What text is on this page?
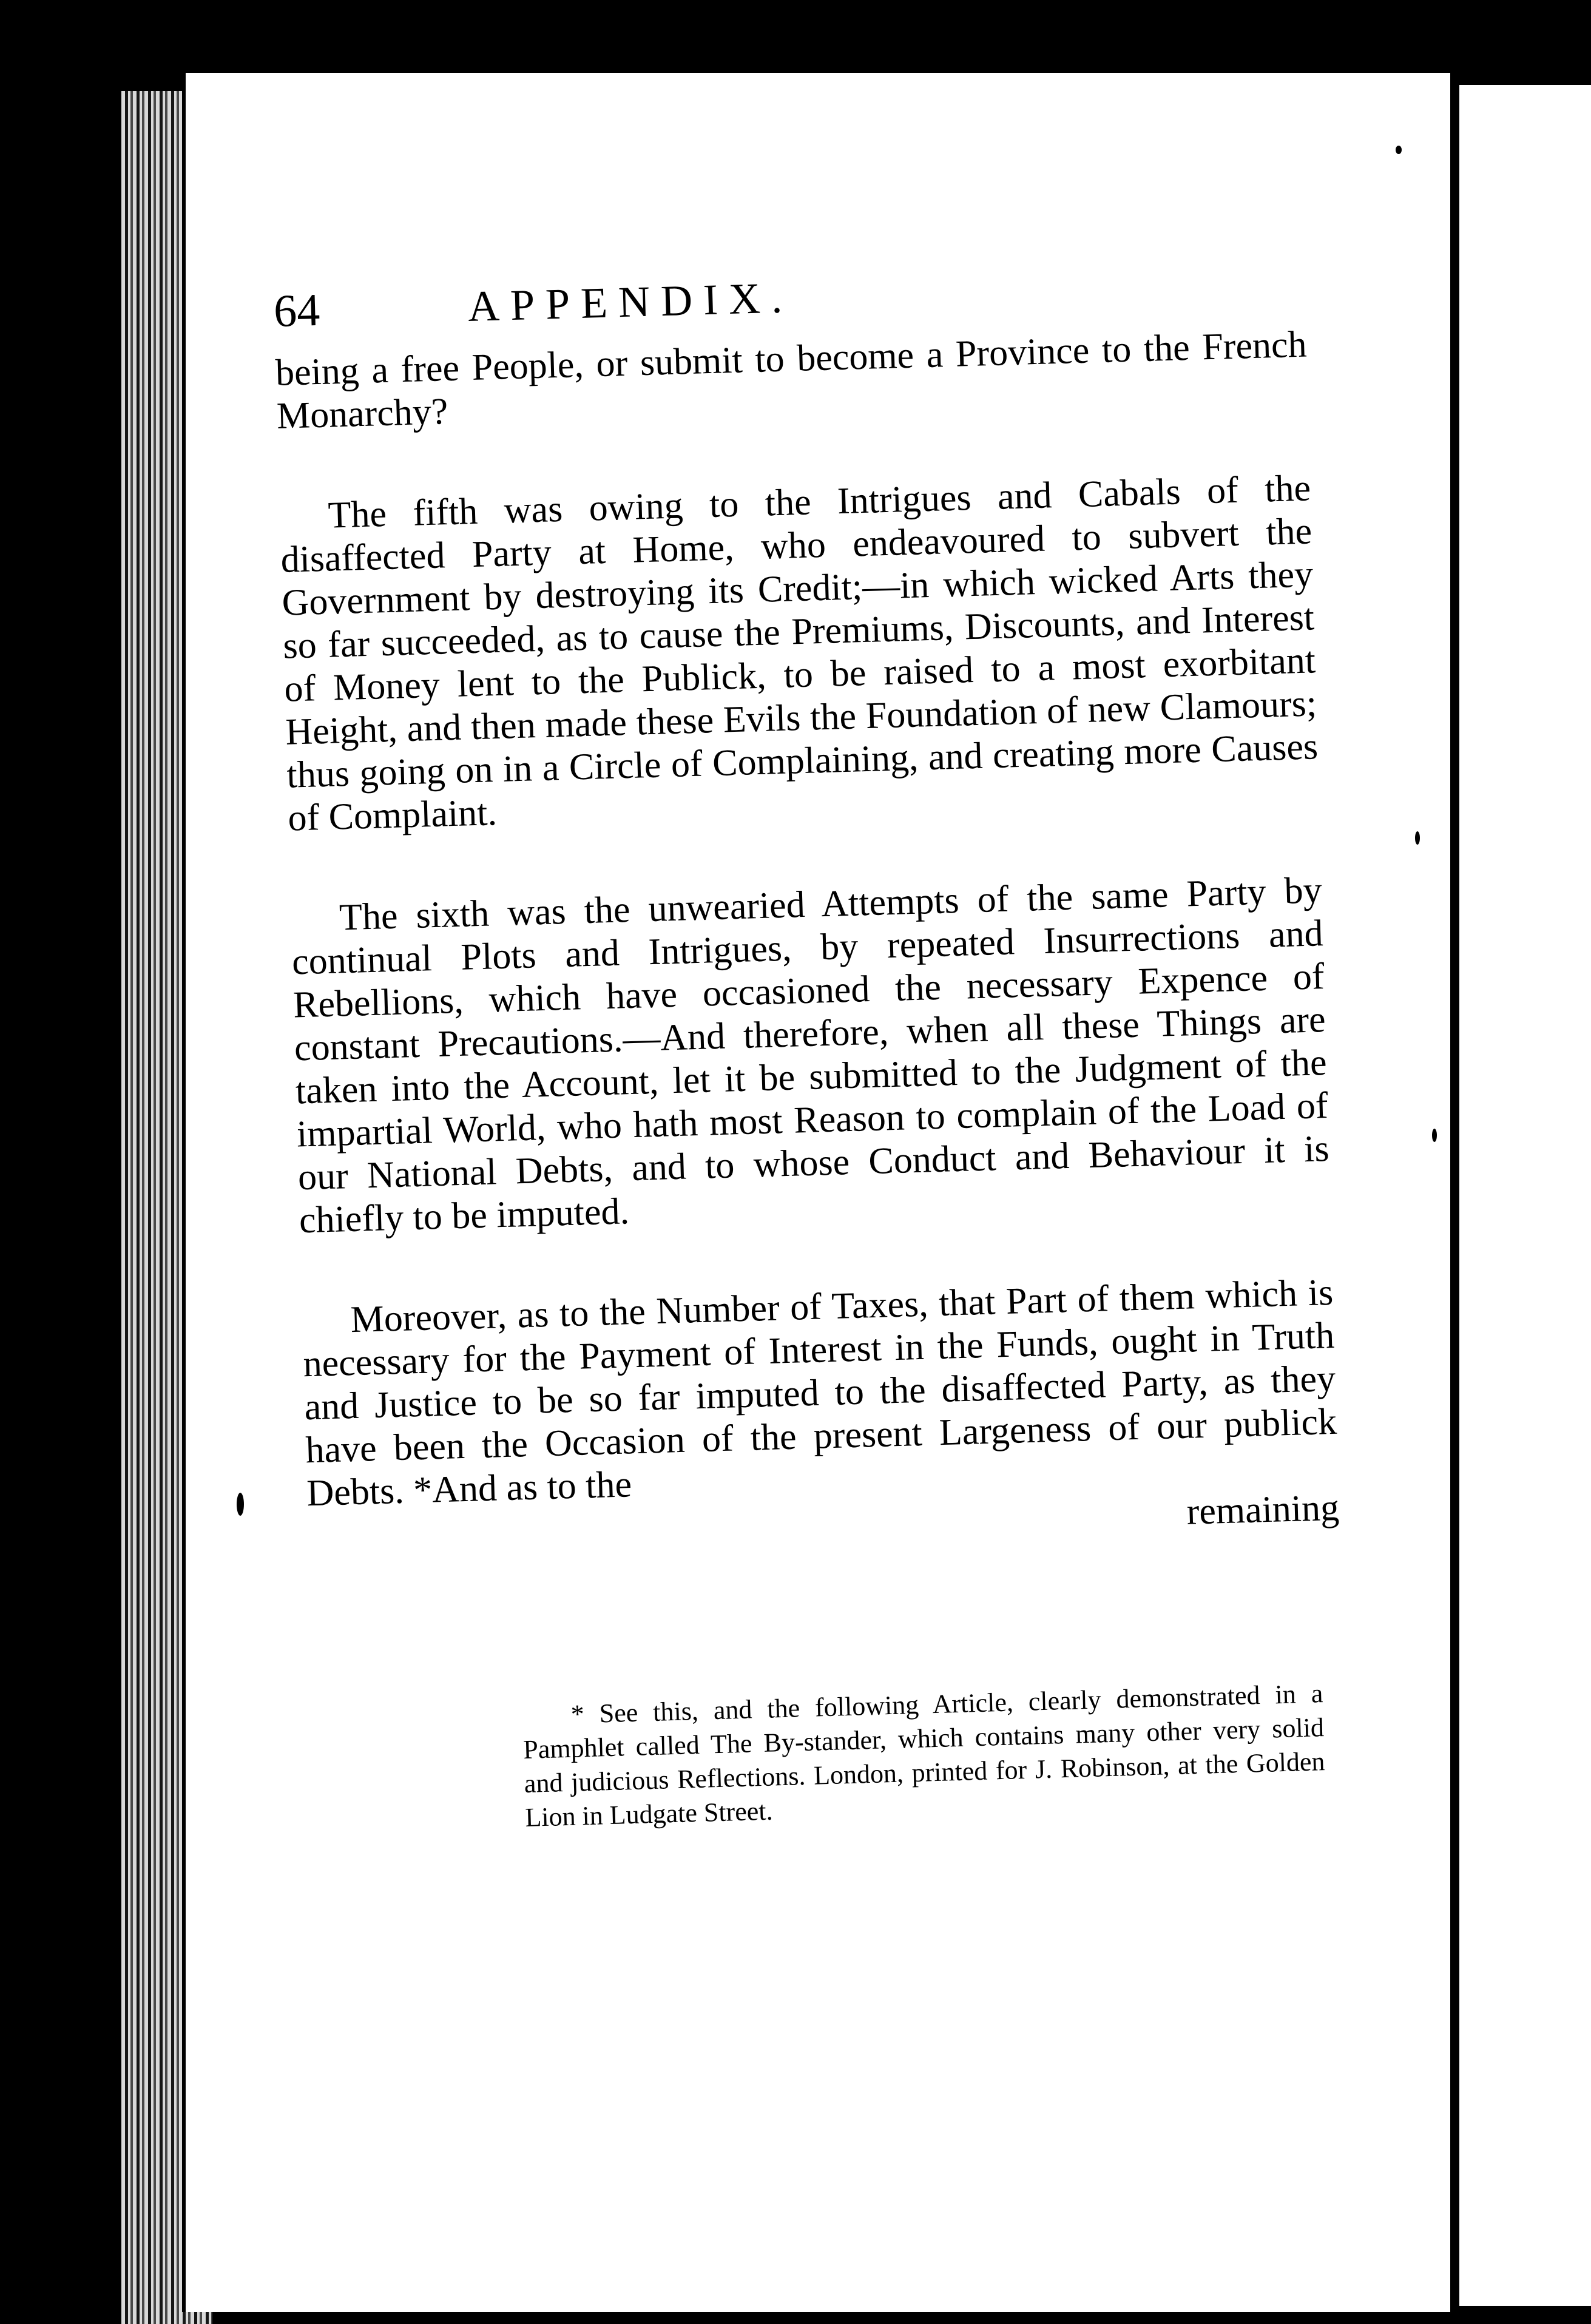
64	APPENDIX.

being a free People, or submit to become a Province to the French Monarchy?

The fifth was owing to the Intrigues and Cabals of the disaffected Party at Home, who endeavoured to subvert the Government by destroying its Credit;—in which wicked Arts they so far succeeded, as to cause the Premiums, Discounts, and Interest of Money lent to the Publick, to be raised to a most exorbitant Height, and then made these Evils the Foundation of new Clamours; thus going on in a Circle of Complaining, and creating more Causes of Complaint.

The sixth was the unwearied Attempts of the same Party by continual Plots and Intrigues, by repeated Insurrections and Rebellions, which have occasioned the necessary Expence of constant Precautions.—And therefore, when all these Things are taken into the Account, let it be submitted to the Judgment of the impartial World, who hath most Reason to complain of the Load of our National Debts, and to whose Conduct and Behaviour it is chiefly to be imputed.

Moreover, as to the Number of Taxes, that Part of them which is necessary for the Payment of Interest in the Funds, ought in Truth and Justice to be so far imputed to the disaffected Party, as they have been the Occasion of the present Largeness of our publick Debts. *And as to the	remaining

* See this, and the following Article, clearly demonstrated in a Pamphlet called The By-stander, which contains many other very solid and judicious Reflections. London, printed for J. Robinson, at the Golden Lion in Ludgate Street.
